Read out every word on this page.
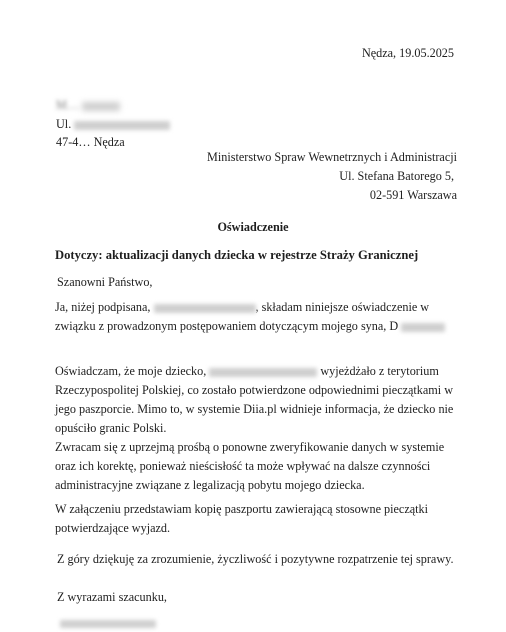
Nędza, 19.05.2025
M…
Ul.
47-4… Nędza
Ministerstwo Spraw Wewnetrznych i Administracji
Ul. Stefana Batorego 5,
02-591 Warszawa
Oświadczenie
Dotyczy: aktualizacji danych dziecka w rejestrze Straży Granicznej
Szanowni Państwo,
Ja, niżej podpisana,	, składam niniejsze oświadczenie w związku z prowadzonym postępowaniem dotyczącym mojego syna, D
Oświadczam, że moje dziecko,	wyjeżdżało z terytorium Rzeczypospolitej Polskiej, co zostało potwierdzone odpowiednimi pieczątkami w jego paszporcie. Mimo to, w systemie Diia.pl widnieje informacja, że dziecko nie opuściło granic Polski.
Zwracam się z uprzejmą prośbą o ponowne zweryfikowanie danych w systemie oraz ich korektę, ponieważ nieścisłość ta może wpływać na dalsze czynności administracyjne związane z legalizacją pobytu mojego dziecka.
W załączeniu przedstawiam kopię paszportu zawierającą stosowne pieczątki potwierdzające wyjazd.
Z góry dziękuję za zrozumienie, życzliwość i pozytywne rozpatrzenie tej sprawy.
Z wyrazami szacunku,
